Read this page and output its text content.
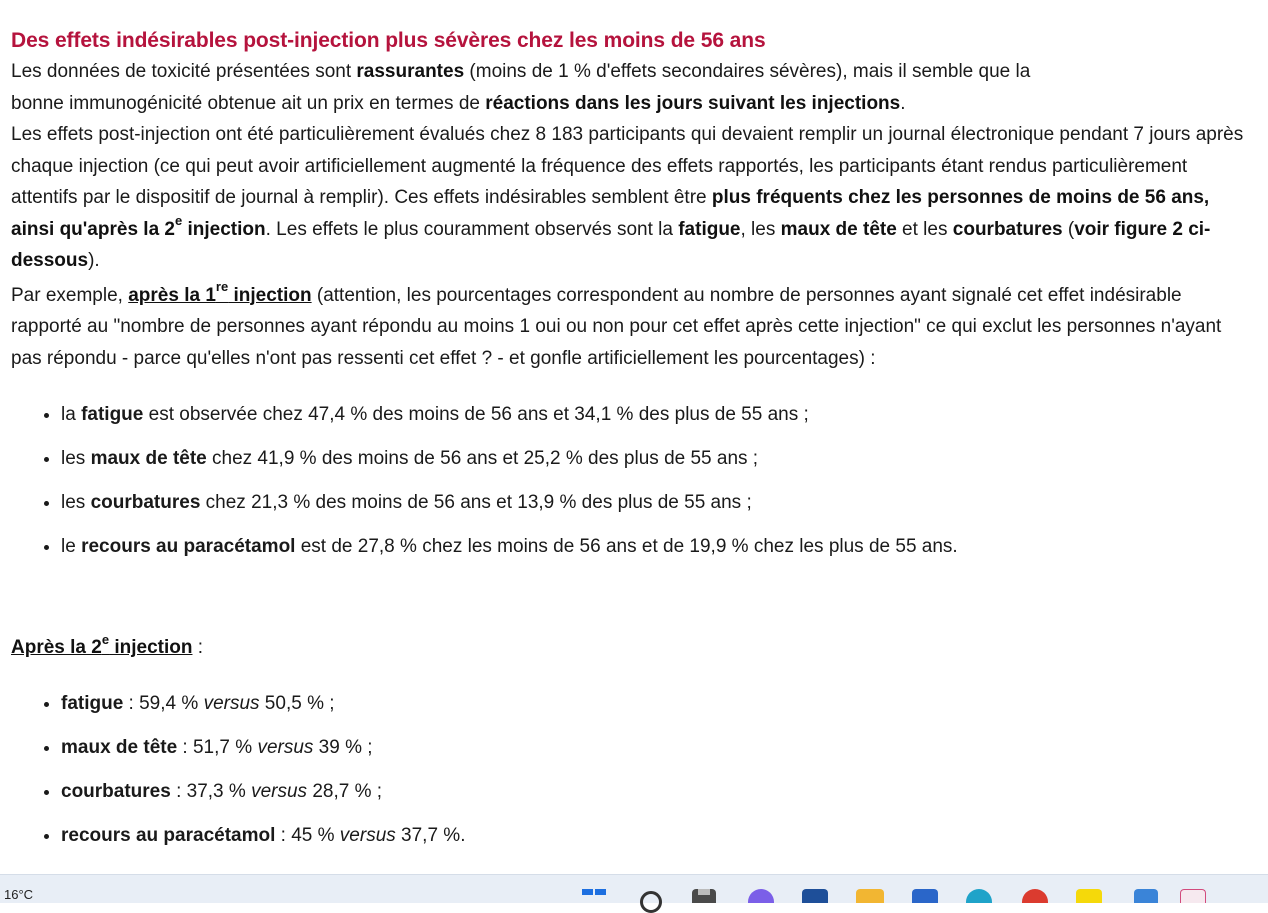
Des effets indésirables post-injection plus sévères chez les moins de 56 ans

Les données de toxicité présentées sont rassurantes (moins de 1 % d'effets secondaires sévères), mais il semble que la
bonne immunogénicité obtenue ait un prix en termes de réactions dans les jours suivant les injections.

Les effets post-injection ont été particulièrement évalués chez 8 183 participants qui devaient remplir un journal électronique pendant 7 jours après chaque injection (ce qui peut avoir artificiellement augmenté la fréquence des effets rapportés, les participants étant rendus particulièrement attentifs par le dispositif de journal à remplir). Ces effets indésirables semblent être plus fréquents chez les personnes de moins de 56 ans, ainsi qu'après la 2e injection. Les effets le plus couramment observés sont la fatigue, les maux de tête et les courbatures (voir figure 2 ci-dessous).

Par exemple, après la 1re injection (attention, les pourcentages correspondent au nombre de personnes ayant signalé cet effet indésirable rapporté au "nombre de personnes ayant répondu au moins 1 oui ou non pour cet effet après cette injection" ce qui exclut les personnes n'ayant pas répondu - parce qu'elles n'ont pas ressenti cet effet ? - et gonfle artificiellement les pourcentages) :

• la fatigue est observée chez 47,4 % des moins de 56 ans et 34,1 % des plus de 55 ans ;
• les maux de tête chez 41,9 % des moins de 56 ans et 25,2 % des plus de 55 ans ;
• les courbatures chez 21,3 % des moins de 56 ans et 13,9 % des plus de 55 ans ;
• le recours au paracétamol est de 27,8 % chez les moins de 56 ans et de 19,9 % chez les plus de 55 ans.

Après la 2e injection :

• fatigue : 59,4 % versus 50,5 % ;
• maux de tête : 51,7 % versus 39 % ;
• courbatures : 37,3 % versus 28,7 % ;
• recours au paracétamol : 45 % versus 37,7 %.
16°C
